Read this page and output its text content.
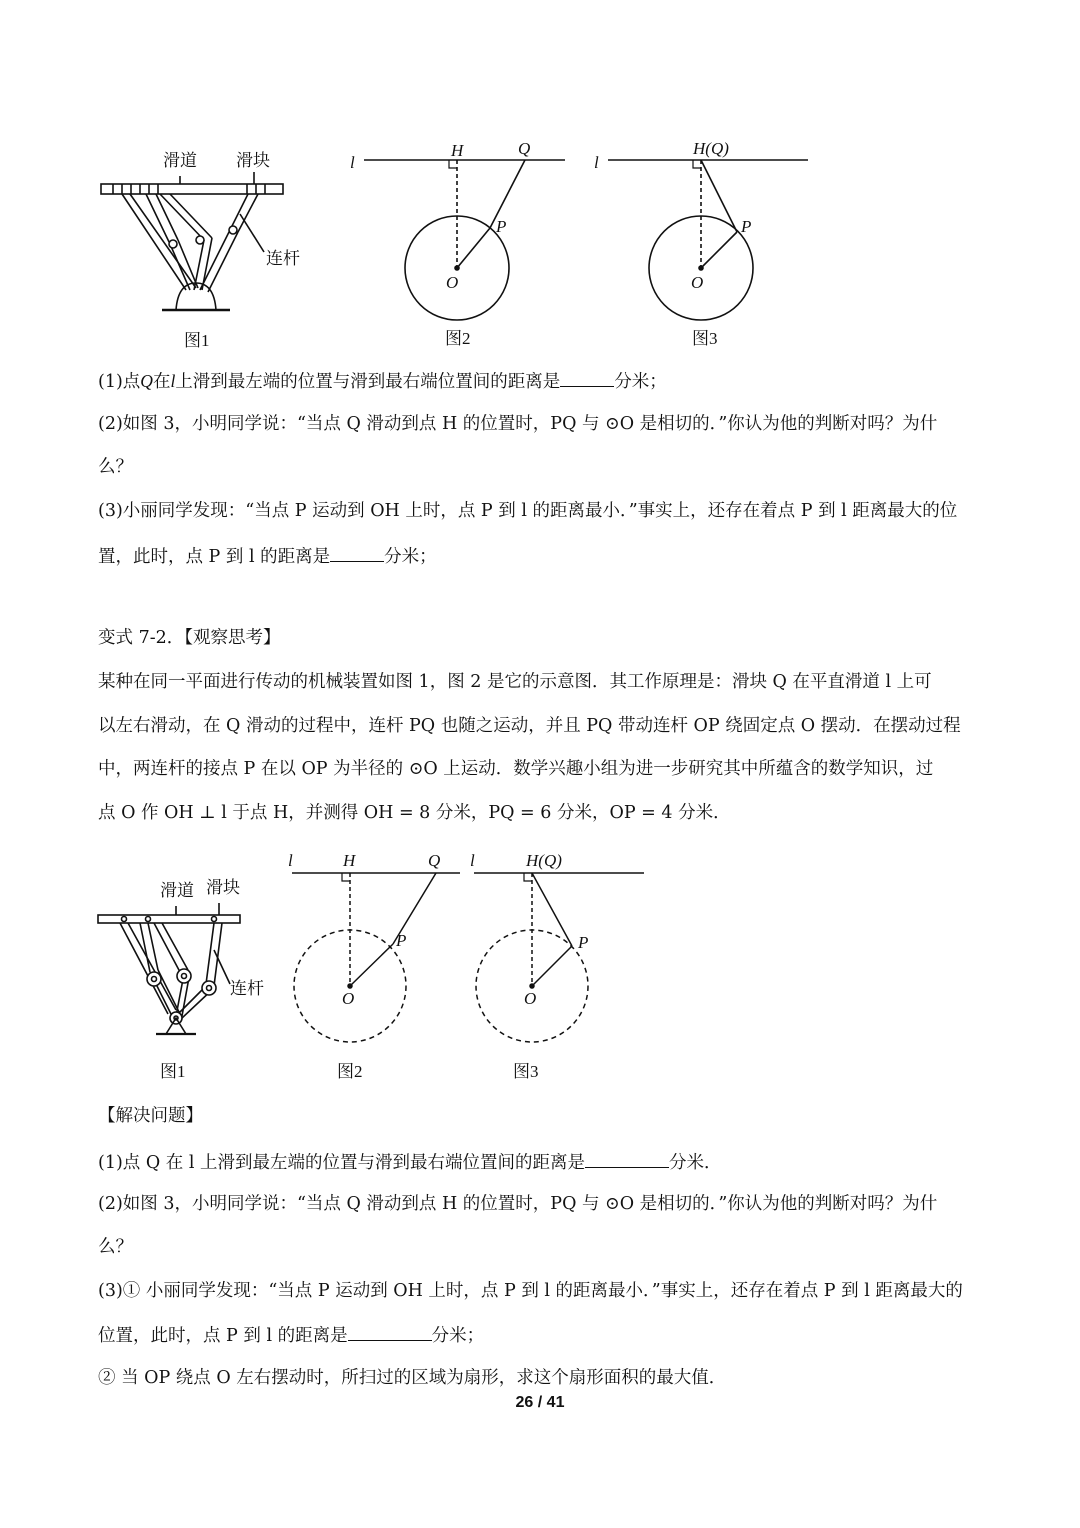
滑道 滑块
连杆
图1
l
H	Q
P
O
图2
l
H(Q)
P
O
图3
滑道 滑块
连杆
图1
l	H	Q
P
O
图2
l	H(Q)
P
O
图3
(1)点Q在l上滑到最左端的位置与滑到最右端位置间的距离是	分米；
(2)如图 3，小明同学说：“当点 Q 滑动到点 H 的位置时，PQ 与 ⊙O 是相切的．”你认为他的判断对吗？为什
么？
(3)小丽同学发现：“当点 P 运动到 OH 上时，点 P 到 l 的距离最小．”事实上，还存在着点 P 到 l 距离最大的位
置，此时，点 P 到 l 的距离是	分米；
变式 7-2．【观察思考】
某种在同一平面进行传动的机械装置如图 1，图 2 是它的示意图．其工作原理是：滑块 Q 在平直滑道 l 上可
以左右滑动，在 Q 滑动的过程中，连杆 PQ 也随之运动，并且 PQ 带动连杆 OP 绕固定点 O 摆动．在摆动过程
中，两连杆的接点 P 在以 OP 为半径的 ⊙O 上运动．数学兴趣小组为进一步研究其中所蕴含的数学知识，过
点 O 作 OH ⊥ l 于点 H，并测得 OH = 8 分米，PQ = 6 分米，OP = 4 分米．
【解决问题】
(1)点 Q 在 l 上滑到最左端的位置与滑到最右端位置间的距离是	分米．
(2)如图 3，小明同学说：“当点 Q 滑动到点 H 的位置时，PQ 与 ⊙O 是相切的．”你认为他的判断对吗？为什
么？
(3)① 小丽同学发现：“当点 P 运动到 OH 上时，点 P 到 l 的距离最小．”事实上，还存在着点 P 到 l 距离最大的
位置，此时，点 P 到 l 的距离是	分米；
② 当 OP 绕点 O 左右摆动时，所扫过的区域为扇形，求这个扇形面积的最大值．
26 / 41
